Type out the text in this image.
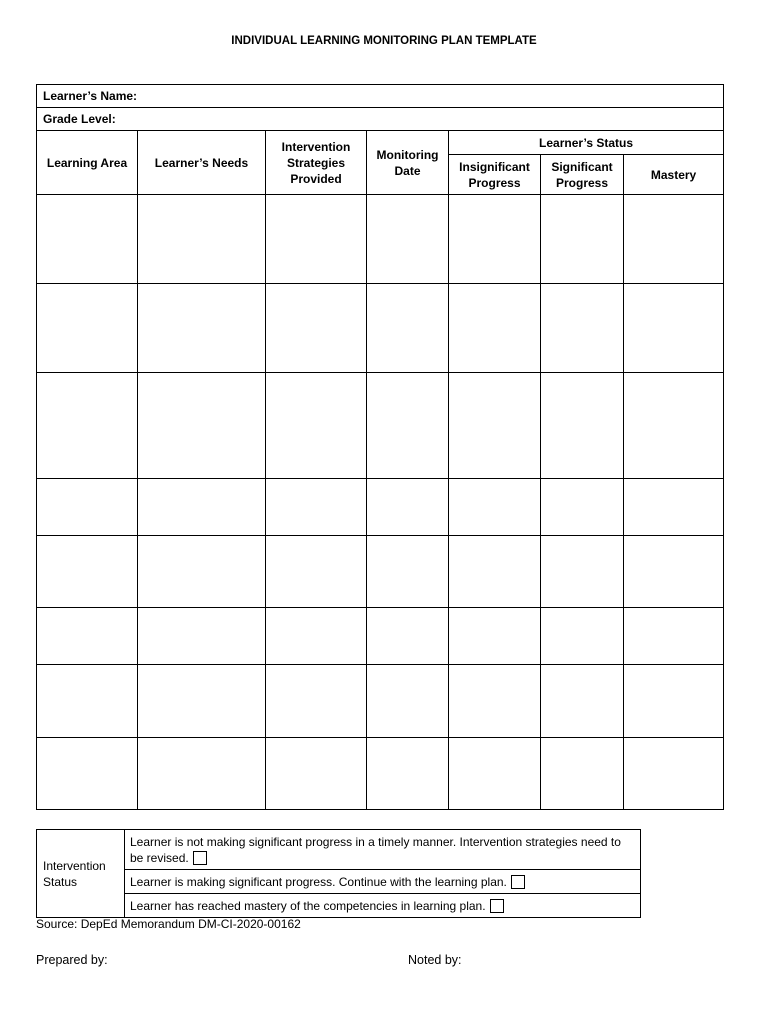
INDIVIDUAL LEARNING MONITORING PLAN TEMPLATE
Learner’s Name:						
Grade Level:						
Learning Area	Learner’s Needs	Intervention Strategies Provided	Monitoring Date	Learner’s Status		
				Insignificant Progress	Significant Progress	Mastery

Intervention Status	Learner is not making significant progress in a timely manner. Intervention strategies need to be revised.
Learner is making significant progress. Continue with the learning plan.
Learner has reached mastery of the competencies in learning plan.
Source: DepEd Memorandum DM-CI-2020-00162
Prepared by:	Noted by:
